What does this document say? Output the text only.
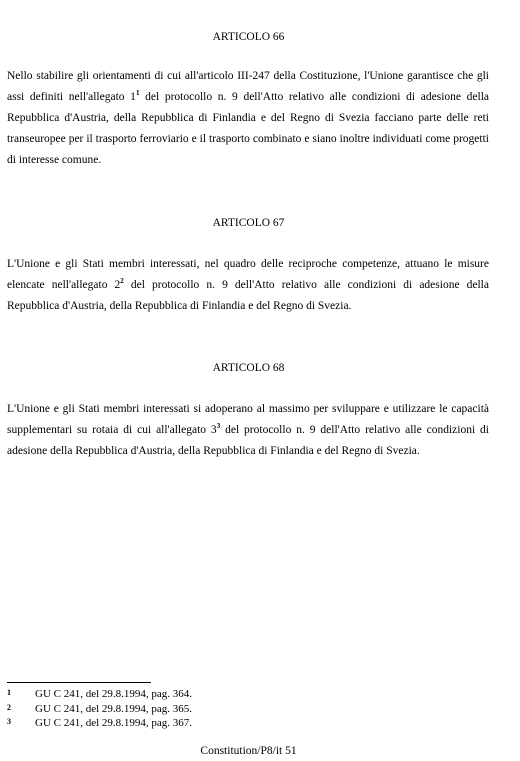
ARTICOLO 66

Nello stabilire gli orientamenti di cui all'articolo III-247 della Costituzione, l'Unione garantisce che gli assi definiti nell'allegato $1^1$ del protocollo n. 9 dell'Atto relativo alle condizioni di adesione della Repubblica d'Austria, della Repubblica di Finlandia e del Regno di Svezia facciano parte delle reti transeuropee per il trasporto ferroviario e il trasporto combinato e siano inoltre individuati come progetti di interesse comune.

ARTICOLO 67

L'Unione e gli Stati membri interessati, nel quadro delle reciproche competenze, attuano le misure elencate nell'allegato $2^2$ del protocollo n. 9 dell'Atto relativo alle condizioni di adesione della Repubblica d'Austria, della Repubblica di Finlandia e del Regno di Svezia.

ARTICOLO 68

L'Unione e gli Stati membri interessati si adoperano al massimo per sviluppare e utilizzare le capacità supplementari su rotaia di cui all'allegato $3^3$ del protocollo n. 9 dell'Atto relativo alle condizioni di adesione della Repubblica d'Austria, della Repubblica di Finlandia e del Regno di Svezia.

1 GU C 241, del 29.8.1994, pag. 364.
2 GU C 241, del 29.8.1994, pag. 365.
3 GU C 241, del 29.8.1994, pag. 367.
Constitution/P8/it 51
